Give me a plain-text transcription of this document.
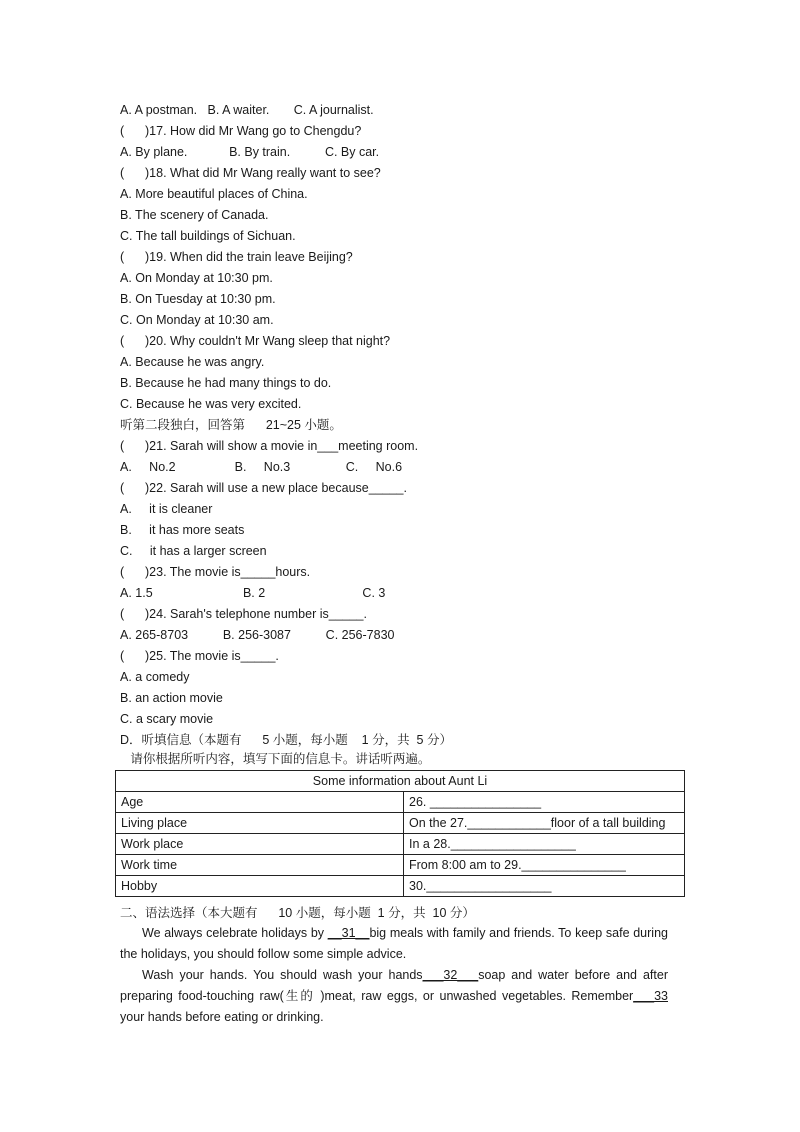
A. A postman.   B. A waiter.       C. A journalist.
(      )17. How did Mr Wang go to Chengdu?
A. By plane.            B. By train.          C. By car.
(      )18. What did Mr Wang really want to see?
A. More beautiful places of China.
B. The scenery of Canada.
C. The tall buildings of Sichuan.
(      )19. When did the train leave Beijing?
A. On Monday at 10:30 pm.
B. On Tuesday at 10:30 pm.
C. On Monday at 10:30 am.
(      )20. Why couldn't Mr Wang sleep that night?
A. Because he was angry.
B. Because he had many things to do.
C. Because he was very excited.
听第二段独白，回答第      21~25 小题。
(      )21. Sarah will show a movie in___meeting room.
A.     No.2                 B.     No.3                C.     No.6
(      )22. Sarah will use a new place because_____.
A.     it is cleaner
B.     it has more seats
C.     it has a larger screen
(      )23. The movie is_____hours.
A. 1.5                          B. 2                            C. 3
(      )24. Sarah's telephone number is_____.
A. 265-8703          B. 256-3087          C. 256-7830
(      )25. The movie is_____.
A. a comedy
B. an action movie
C. a scary movie
D．听填信息（本题有      5 小题，每小题    1 分，共  5 分）
请你根据所听内容，填写下面的信息卡。讲话听两遍。
Some information about Aunt Li	
Age	26. ________________
Living place	On the 27.____________floor of a tall building
Work place	In a 28.__________________
Work time	From 8:00 am to 29._______________
Hobby	30.__________________
二、语法选择（本大题有      10 小题，每小题  1 分，共  10 分）

We always celebrate holidays by __31__big meals with family and friends. To keep safe during the holidays, you should follow some simple advice.

Wash your hands. You should wash your hands___32___soap and water before and after preparing food-touching raw(生的 )meat, raw eggs, or unwashed vegetables. Remember___33 your hands before eating or drinking.
